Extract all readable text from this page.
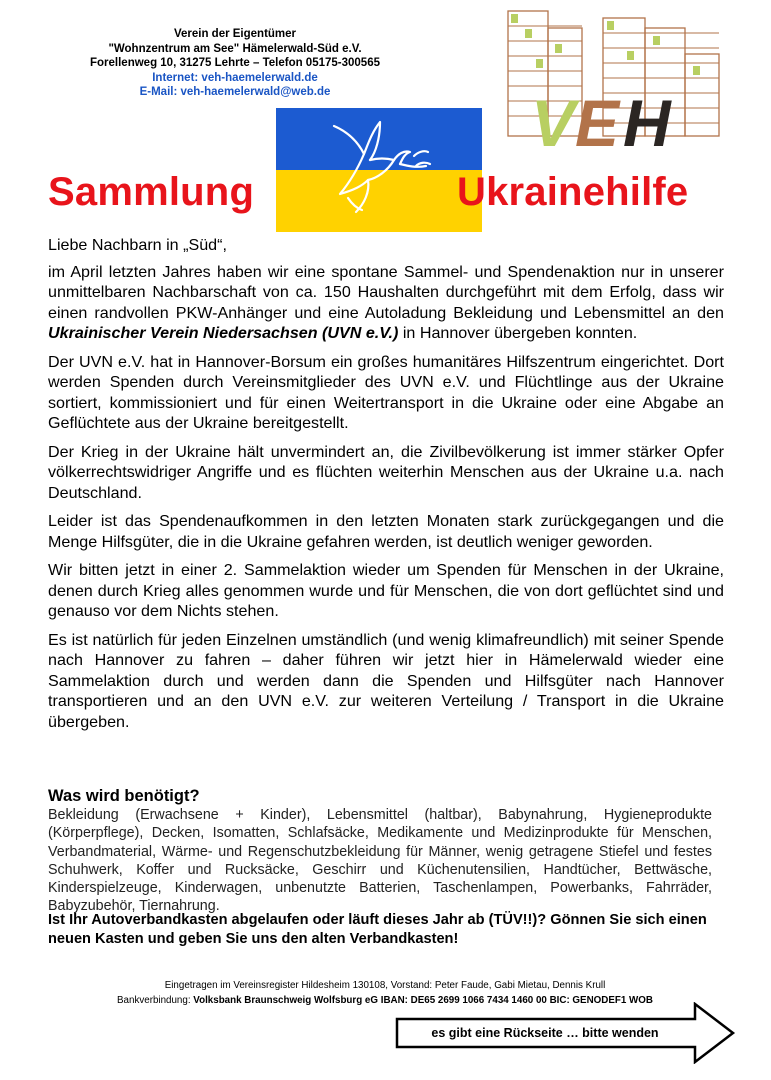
Verein der Eigentümer
"Wohnzentrum am See" Hämelerwald-Süd e.V.
Forellenweg 10, 31275 Lehrte – Telefon 05175-300565
Internet: veh-haemelerwald.de
E-Mail: veh-haemelerwald@web.de	V E H
Sammlung	Ukrainehilfe

Liebe Nachbarn in „Süd“,

im April letzten Jahres haben wir eine spontane Sammel- und Spendenaktion nur in unserer unmittelbaren Nachbarschaft von ca. 150 Haushalten durchgeführt mit dem Erfolg, dass wir einen randvollen PKW-Anhänger und eine Autoladung Bekleidung und Lebensmittel an den Ukrainischer Verein Niedersachsen (UVN e.V.) in Hannover übergeben konnten.

Der UVN e.V. hat in Hannover-Borsum ein großes humanitäres Hilfszentrum eingerichtet. Dort werden Spenden durch Vereinsmitglieder des UVN e.V. und Flüchtlinge aus der Ukraine sortiert, kommissioniert und für einen Weitertransport in die Ukraine oder eine Abgabe an Geflüchtete aus der Ukraine bereitgestellt.

Der Krieg in der Ukraine hält unvermindert an, die Zivilbevölkerung ist immer stärker Opfer völkerrechtswidriger Angriffe und es flüchten weiterhin Menschen aus der Ukraine u.a. nach Deutschland.

Leider ist das Spendenaufkommen in den letzten Monaten stark zurückgegangen und die Menge Hilfsgüter, die in die Ukraine gefahren werden, ist deutlich weniger geworden.

Wir bitten jetzt in einer 2. Sammelaktion wieder um Spenden für Menschen in der Ukraine, denen durch Krieg alles genommen wurde und für Menschen, die von dort geflüchtet sind und genauso vor dem Nichts stehen.

Es ist natürlich für jeden Einzelnen umständlich (und wenig klimafreundlich) mit seiner Spende nach Hannover zu fahren – daher führen wir jetzt hier in Hämelerwald wieder eine Sammelaktion durch und werden dann die Spenden und Hilfsgüter nach Hannover transportieren und an den UVN e.V. zur weiteren Verteilung / Transport in die Ukraine übergeben.

Was wird benötigt?
Bekleidung (Erwachsene + Kinder), Lebensmittel (haltbar), Babynahrung, Hygieneprodukte (Körperpflege), Decken, Isomatten, Schlafsäcke, Medikamente und Medizinprodukte für Menschen, Verbandmaterial, Wärme- und Regenschutzbekleidung für Männer, wenig getragene Stiefel und festes Schuhwerk, Koffer und Rucksäcke, Geschirr und Küchenutensilien, Handtücher, Bettwäsche, Kinderspielzeuge, Kinderwagen, unbenutzte Batterien, Taschenlampen, Powerbanks, Fahrräder, Babyzubehör, Tiernahrung.
Ist Ihr Autoverbandkasten abgelaufen oder läuft dieses Jahr ab (TÜV!!)? Gönnen Sie sich einen neuen Kasten und geben Sie uns den alten Verbandkasten!
Eingetragen im Vereinsregister Hildesheim 130108, Vorstand: Peter Faude, Gabi Mietau, Dennis Krull
Bankverbindung: Volksbank Braunschweig Wolfsburg eG IBAN: DE65 2699 1066 7434 1460 00 BIC: GENODEF1 WOB
es gibt eine Rückseite … bitte wenden
